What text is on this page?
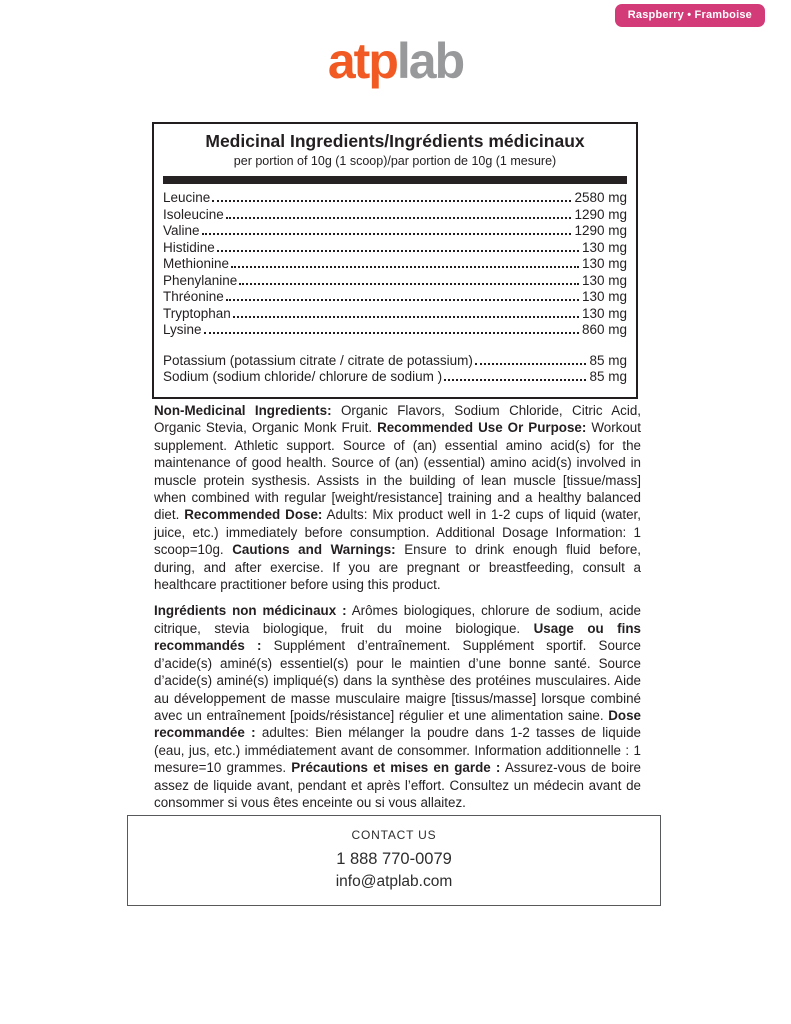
Raspberry • Framboise
atplab
Medicinal Ingredients/Ingrédients médicinaux
per portion of 10g (1 scoop)/par portion de 10g (1 mesure)
Leucine	2580 mg
Isoleucine	1290 mg
Valine	1290 mg
Histidine	130 mg
Methionine	130 mg
Phenylanine	130 mg
Thréonine	130 mg
Tryptophan	130 mg
Lysine	860 mg
Potassium (potassium citrate / citrate de potassium)	85 mg
Sodium (sodium chloride/ chlorure de sodium )	85 mg
Non-Medicinal Ingredients: Organic Flavors, Sodium Chloride, Citric Acid, Organic Stevia, Organic Monk Fruit. Recommended Use Or Purpose: Workout supplement. Athletic support. Source of (an) essential amino acid(s) for the maintenance of good health. Source of (an) (essential) amino acid(s) involved in muscle protein systhesis. Assists in the building of lean muscle [tissue/mass] when combined with regular [weight/resistance] training and a healthy balanced diet. Recommended Dose: Adults: Mix product well in 1-2 cups of liquid (water, juice, etc.) immediately before consumption. Additional Dosage Information: 1 scoop=10g. Cautions and Warnings: Ensure to drink enough fluid before, during, and after exercise. If you are pregnant or breastfeeding, consult a healthcare practitioner before using this product.
Ingrédients non médicinaux : Arômes biologiques, chlorure de sodium, acide citrique, stevia biologique, fruit du moine biologique. Usage ou fins recommandés : Supplément d’entraînement. Supplément sportif. Source d’acide(s) aminé(s) essentiel(s) pour le maintien d’une bonne santé. Source d’acide(s) aminé(s) impliqué(s) dans la synthèse des protéines musculaires. Aide au développement de masse musculaire maigre [tissus/masse] lorsque combiné avec un entraînement [poids/résistance] régulier et une alimentation saine. Dose recommandée : adultes: Bien mélanger la poudre dans 1-2 tasses de liquide (eau, jus, etc.) immédiatement avant de consommer. Information additionnelle : 1 mesure=10 grammes. Précautions et mises en garde : Assurez-vous de boire assez de liquide avant, pendant et après l’effort. Consultez un médecin avant de consommer si vous êtes enceinte ou si vous allaitez.
CONTACT US
1 888 770-0079
info@atplab.com
